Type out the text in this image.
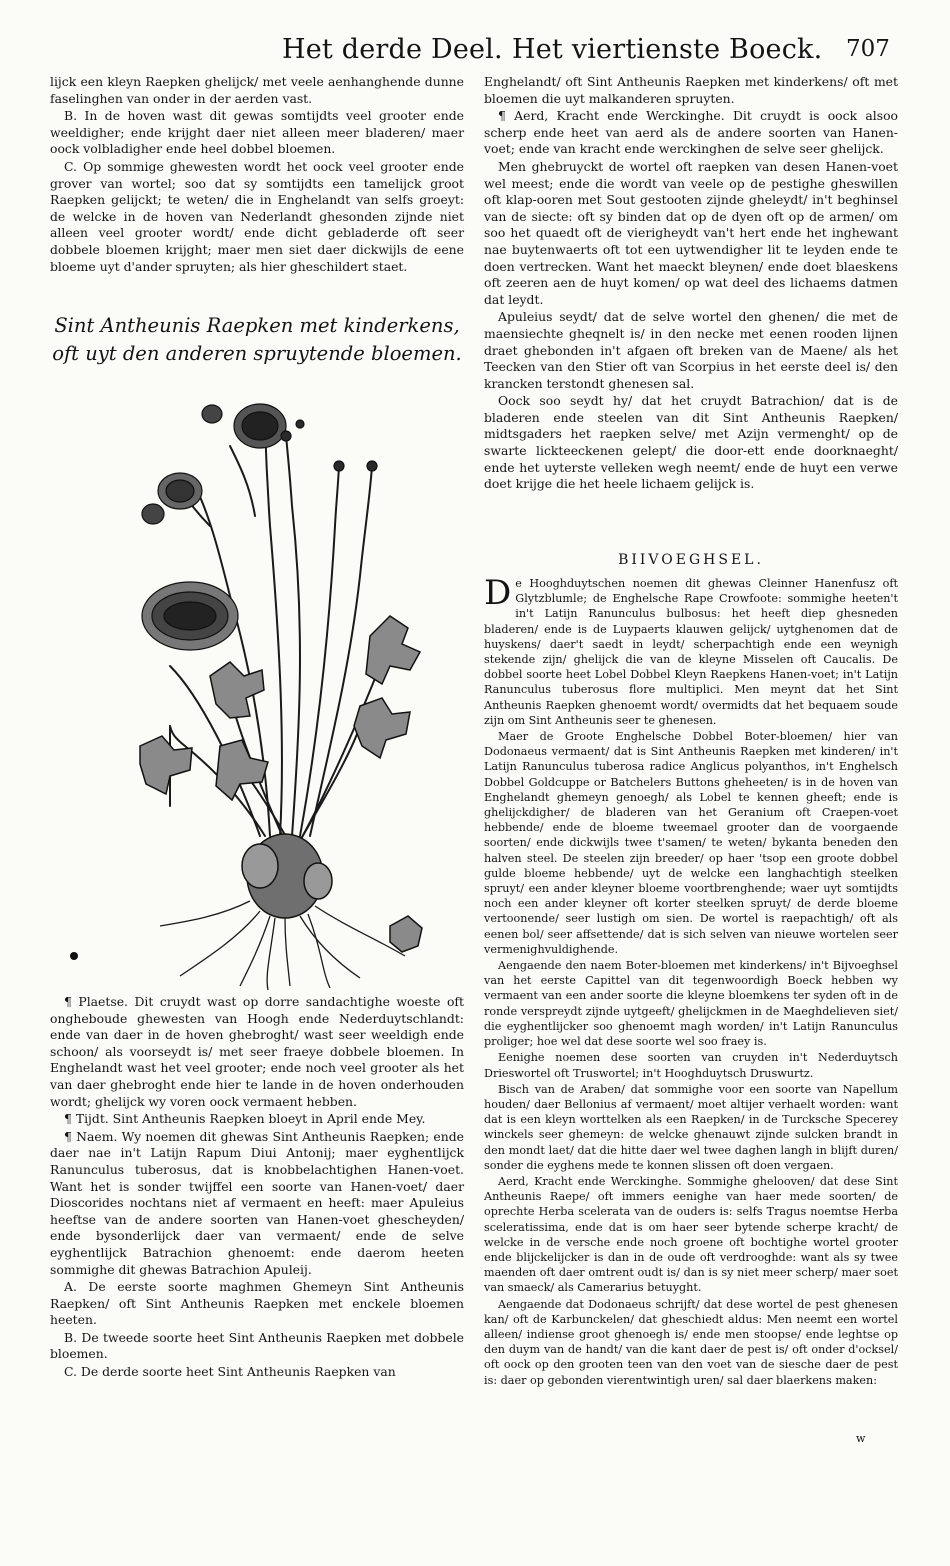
Het derde Deel. Het viertienste Boeck. 707

lijck een kleyn Raepken ghelijck/ met veele aenhanghende dunne faselinghen van onder in der aerden vast.

B. In de hoven wast dit gewas somtijdts veel grooter ende weeldigher; ende krijght daer niet alleen meer bladeren/ maer oock volbladigher ende heel dobbel bloemen.

C. Op sommige ghewesten wordt het oock veel grooter ende grover van wortel; soo dat sy somtijdts een tamelijck groot Raepken gelijckt; te weten/ die in Enghelandt van selfs groeyt: de welcke in de hoven van Nederlandt ghesonden zijnde niet alleen veel grooter wordt/ ende dicht gebladerde oft seer dobbele bloemen krijght; maer men siet daer dickwijls de eene bloeme uyt d'ander spruyten; als hier gheschildert staet.

Sint Antheunis Raepken met kinderkens,
oft uyt den anderen spruytende bloemen.

¶ Plaetse. Dit cruydt wast op dorre sandachtighe woeste oft ongheboude ghewesten van Hoogh ende Nederduytschlandt: ende van daer in de hoven ghebroght/ wast seer weeldigh ende schoon/ als voorseydt is/ met seer fraeye dobbele bloemen. In Enghelandt wast het veel grooter; ende noch veel grooter als het van daer ghebroght ende hier te lande in de hoven onderhouden wordt; ghelijck wy voren oock vermaent hebben.

¶ Tijdt. Sint Antheunis Raepken bloeyt in April ende Mey.

¶ Naem. Wy noemen dit ghewas Sint Antheunis Raepken; ende daer nae in't Latijn Rapum Diui Antonij; maer eyghentlijck Ranunculus tuberosus, dat is knobbelachtighen Hanen-voet. Want het is sonder twijffel een soorte van Hanen-voet/ daer Dioscorides nochtans niet af vermaent en heeft: maer Apuleius heeftse van de andere soorten van Hanen-voet ghescheyden/ ende bysonderlijck daer van vermaent/ ende de selve eyghentlijck Batrachion ghenoemt: ende daerom heeten sommighe dit ghewas Batrachion Apuleij.

A. De eerste soorte maghmen Ghemeyn Sint Antheunis Raepken/ oft Sint Antheunis Raepken met enckele bloemen heeten.

B. De tweede soorte heet Sint Antheunis Raepken met dobbele bloemen.

C. De derde soorte heet Sint Antheunis Raepken van

Enghelandt/ oft Sint Antheunis Raepken met kinderkens/ oft met bloemen die uyt malkanderen spruyten.

¶ Aerd, Kracht ende Werckinghe. Dit cruydt is oock alsoo scherp ende heet van aerd als de andere soorten van Hanen-voet; ende van kracht ende werckinghen de selve seer ghelijck.

Men ghebruyckt de wortel oft raepken van desen Hanen-voet wel meest; ende die wordt van veele op de pestighe gheswillen oft klap-ooren met Sout gestooten zijnde gheleydt/ in't beghinsel van de siecte: oft sy binden dat op de dyen oft op de armen/ om soo het quaedt oft de vierigheydt van't hert ende het inghewant nae buytenwaerts oft tot een uytwendigher lit te leyden ende te doen vertrecken. Want het maeckt bleynen/ ende doet blaeskens oft zeeren aen de huyt komen/ op wat deel des lichaems datmen dat leydt.

Apuleius seydt/ dat de selve wortel den ghenen/ die met de maensiechte gheqnelt is/ in den necke met eenen rooden lijnen draet ghebonden in't afgaen oft breken van de Maene/ als het Teecken van den Stier oft van Scorpius in het eerste deel is/ den krancken terstondt ghenesen sal.

Oock soo seydt hy/ dat het cruydt Batrachion/ dat is de bladeren ende steelen van dit Sint Antheunis Raepken/ midtsgaders het raepken selve/ met Azijn vermenght/ op de swarte lickteeckenen gelept/ die door-ett ende doorknaeght/ ende het uyterste velleken wegh neemt/ ende de huyt een verwe doet krijge die het heele lichaem gelijck is.

BIIVOEGHSEL.

De Hooghduytschen noemen dit ghewas Cleinner Hanenfusz oft Glytzblumle; de Enghelsche Rape Crowfoote: sommighe heeten't in't Latijn Ranunculus bulbosus: het heeft diep ghesneden bladeren/ ende is de Luypaerts klauwen gelijck/ uytghenomen dat de huyskens/ daer't saedt in leydt/ scherpachtigh ende een weynigh stekende zijn/ ghelijck die van de kleyne Misselen oft Caucalis. De dobbel soorte heet Lobel Dobbel Kleyn Raepkens Hanen-voet; in't Latijn Ranunculus tuberosus flore multiplici. Men meynt dat het Sint Antheunis Raepken ghenoemt wordt/ overmidts dat het bequaem soude zijn om Sint Antheunis seer te ghenesen.

Maer de Groote Enghelsche Dobbel Boter-bloemen/ hier van Dodonaeus vermaent/ dat is Sint Antheunis Raepken met kinderen/ in't Latijn Ranunculus tuberosa radice Anglicus polyanthos, in't Enghelsch Dobbel Goldcuppe or Batchelers Buttons gheheeten/ is in de hoven van Enghelandt ghemeyn genoegh/ als Lobel te kennen gheeft; ende is ghelijckdigher/ de bladeren van het Geranium oft Craepen-voet hebbende/ ende de bloeme tweemael grooter dan de voorgaende soorten/ ende dickwijls twee t'samen/ te weten/ bykanta beneden den halven steel. De steelen zijn breeder/ op haer 'tsop een groote dobbel gulde bloeme hebbende/ uyt de welcke een langhachtigh steelken spruyt/ een ander kleyner bloeme voortbrenghende; waer uyt somtijdts noch een ander kleyner oft korter steelken spruyt/ de derde bloeme vertoonende/ seer lustigh om sien. De wortel is raepachtigh/ oft als eenen bol/ seer affsettende/ dat is sich selven van nieuwe wortelen seer vermenighvuldighende.

Aengaende den naem Boter-bloemen met kinderkens/ in't Bijvoeghsel van het eerste Capittel van dit tegenwoordigh Boeck hebben wy vermaent van een ander soorte die kleyne bloemkens ter syden oft in de ronde verspreydt zijnde uytgeeft/ ghelijckmen in de Maeghdelieven siet/ die eyghentlijcker soo ghenoemt magh worden/ in't Latijn Ranunculus proliger; hoe wel dat dese soorte wel soo fraey is.

Eenighe noemen dese soorten van cruyden in't Nederduytsch Drieswortel oft Truswortel; in't Hooghduytsch Druswurtz.

Bisch van de Araben/ dat sommighe voor een soorte van Napellum houden/ daer Bellonius af vermaent/ moet altijer verhaelt worden: want dat is een kleyn worttelken als een Raepken/ in de Turcksche Specerey winckels seer ghemeyn: de welcke ghenauwt zijnde sulcken brandt in den mondt laet/ dat die hitte daer wel twee daghen langh in blijft duren/ sonder die eyghens mede te konnen slissen oft doen vergaen.

Aerd, Kracht ende Werckinghe. Sommighe ghelooven/ dat dese Sint Antheunis Raepe/ oft immers eenighe van haer mede soorten/ de oprechte Herba scelerata van de ouders is: selfs Tragus noemtse Herba sceleratissima, ende dat is om haer seer bytende scherpe kracht/ de welcke in de versche ende noch groene oft bochtighe wortel grooter ende blijckelijcker is dan in de oude oft verdrooghde: want als sy twee maenden oft daer omtrent oudt is/ dan is sy niet meer scherp/ maer soet van smaeck/ als Camerarius betuyght.

Aengaende dat Dodonaeus schrijft/ dat dese wortel de pest ghenesen kan/ oft de Karbunckelen/ dat gheschiedt aldus: Men neemt een wortel alleen/ indiense groot ghenoegh is/ ende men stoopse/ ende leghtse op den duym van de handt/ van die kant daer de pest is/ oft onder d'ocksel/ oft oock op den grooten teen van den voet van de siesche daer de pest is: daer op gebonden vierentwintigh uren/ sal daer blaerkens maken:

w
